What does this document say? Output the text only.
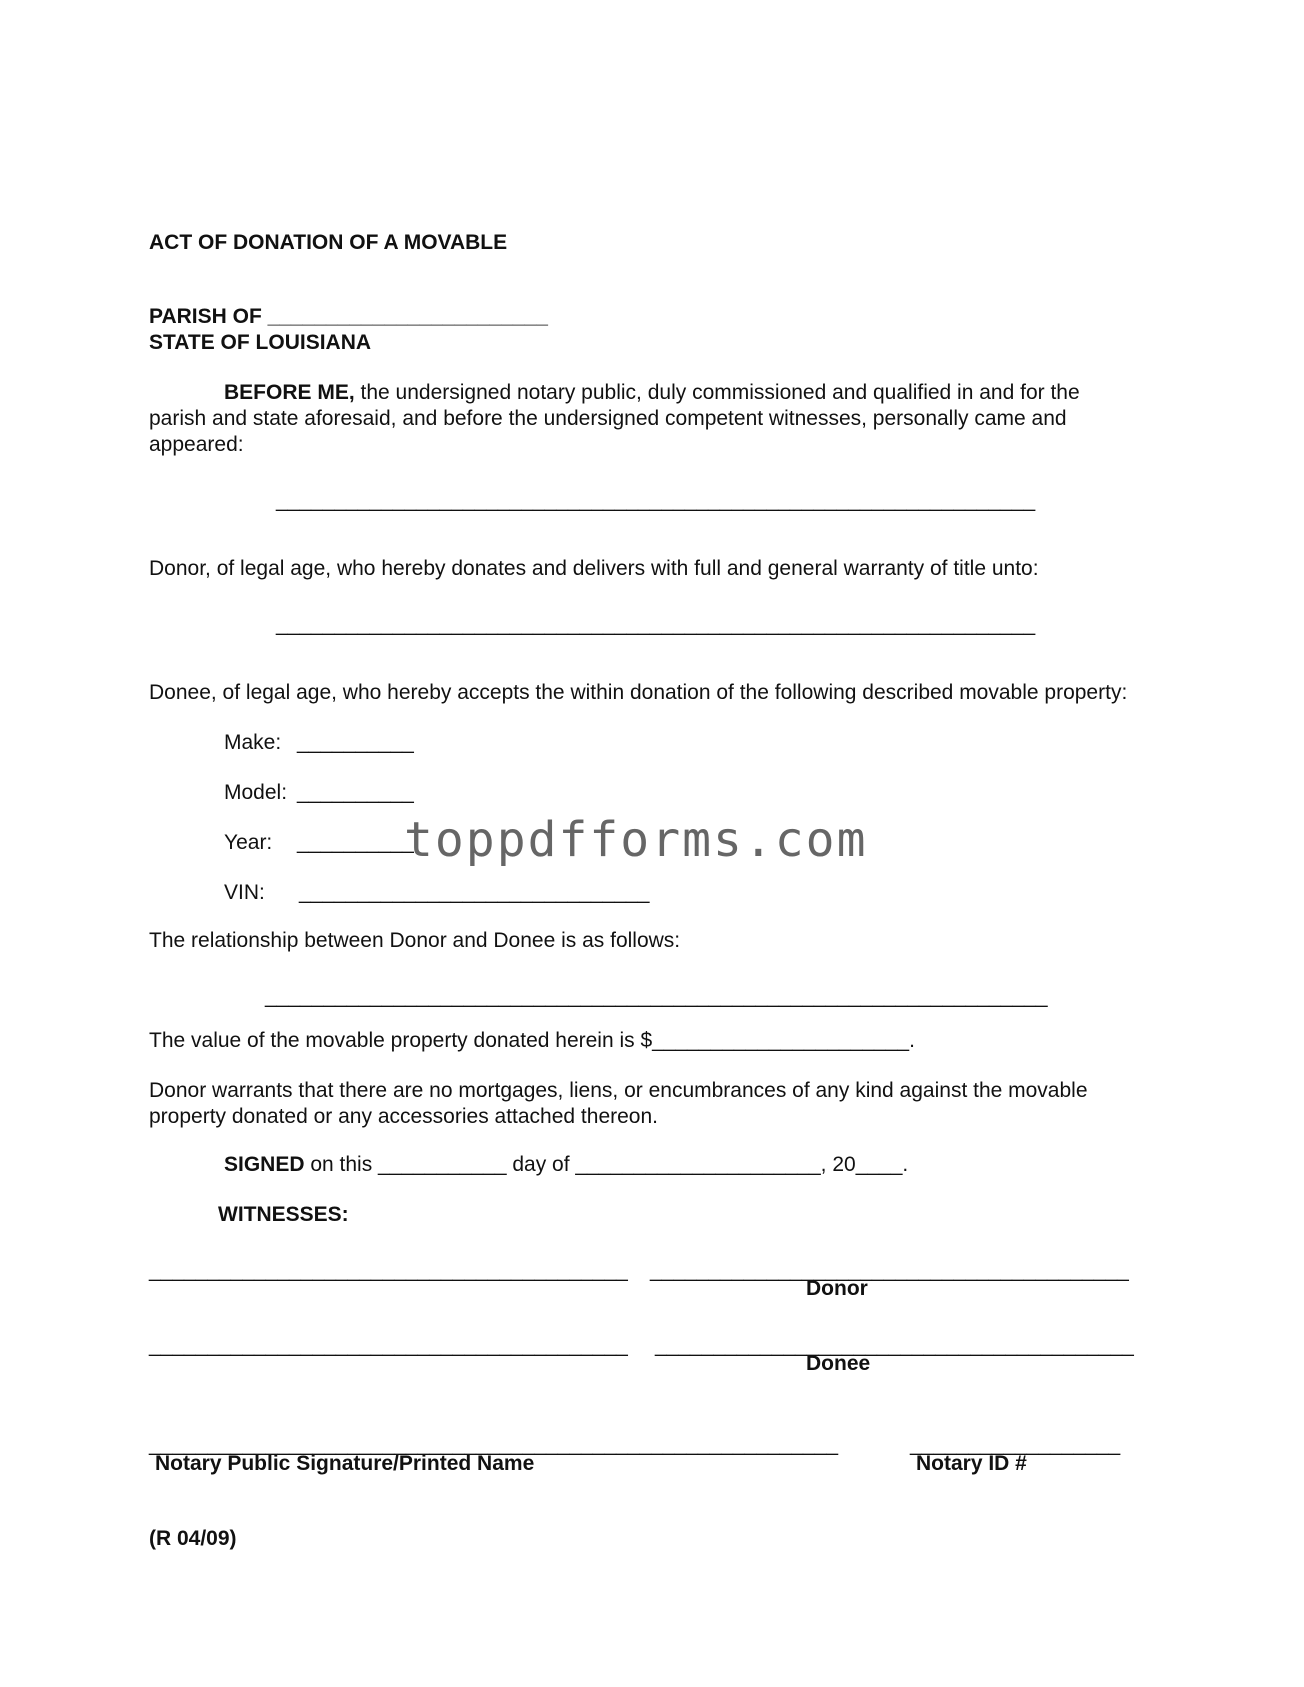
ACT OF DONATION OF A MOVABLE
PARISH OF ________________________
STATE OF LOUISIANA
BEFORE ME, the undersigned notary public, duly commissioned and qualified in and for the parish and state aforesaid, and before the undersigned competent witnesses, personally came and appeared:
_________________________________________________________________
Donor, of legal age, who hereby donates and delivers with full and general warranty of title unto:
_________________________________________________________________
Donee, of legal age, who hereby accepts the within donation of the following described movable property:
Make: __________
Model: __________
Year: __________
VIN: ______________________________
toppdfforms.com
The relationship between Donor and Donee is as follows:
___________________________________________________________________
The value of the movable property donated herein is $______________________.
Donor warrants that there are no mortgages, liens, or encumbrances of any kind against the movable property donated or any accessories attached thereon.
SIGNED on this ___________ day of _____________________, 20____.
WITNESSES:
_________________________________________ _________________________________________
Donor
_________________________________________ _________________________________________
Donee
___________________________________________________________	__________________
Notary Public Signature/Printed Name	Notary ID #
(R 04/09)
